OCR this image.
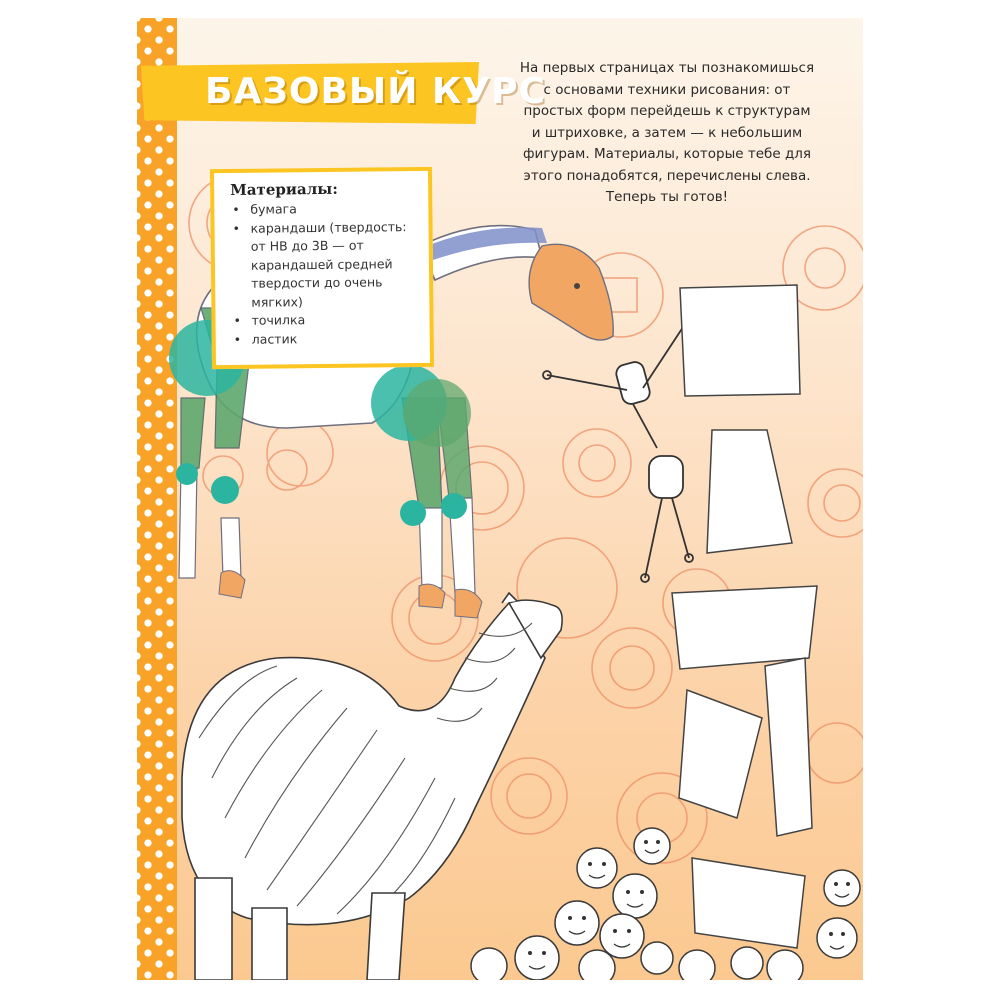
БАЗОВЫЙ КУРС

На первых страницах ты познакомишься с основами техники рисования: от простых форм перейдешь к структурам и штриховке, а затем — к небольшим фигурам. Материалы, которые тебе для этого понадобятся, перечислены слева. Теперь ты готов!

Материалы:
• бумага
• карандаши (твердость: от НВ до 3В — от карандашей средней твердости до очень мягких)
• точилка
• ластик
